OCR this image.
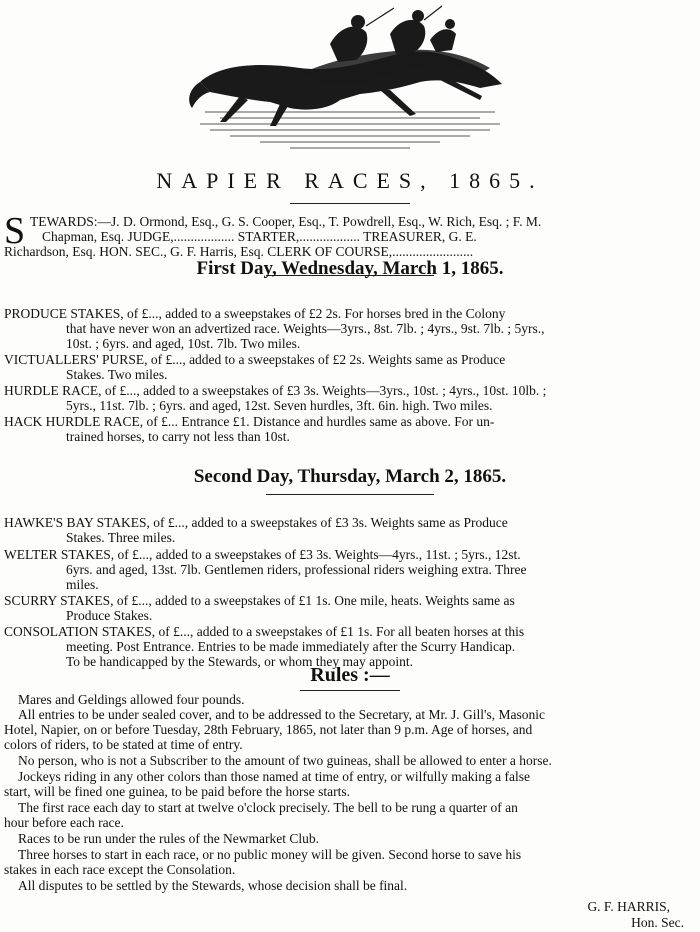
NAPIER RACES, 1865.
S TEWARDS:—J. D. Ormond, Esq., G. S. Cooper, Esq., T. Powdrell, Esq., W. Rich, Esq. ; F. M.
Chapman, Esq. JUDGE,.................. STARTER,.................. TREASURER, G. E.
Richardson, Esq. HON. SEC., G. F. Harris, Esq. CLERK OF COURSE,........................
First Day, Wednesday, March 1, 1865.
PRODUCE STAKES, of £..., added to a sweepstakes of £2 2s. For horses bred in the Colony
that have never won an advertized race. Weights—3yrs., 8st. 7lb. ; 4yrs., 9st. 7lb. ; 5yrs.,
10st. ; 6yrs. and aged, 10st. 7lb. Two miles.
VICTUALLERS' PURSE, of £..., added to a sweepstakes of £2 2s. Weights same as Produce
Stakes. Two miles.
HURDLE RACE, of £..., added to a sweepstakes of £3 3s. Weights—3yrs., 10st. ; 4yrs., 10st. 10lb. ;
5yrs., 11st. 7lb. ; 6yrs. and aged, 12st. Seven hurdles, 3ft. 6in. high. Two miles.
HACK HURDLE RACE, of £... Entrance £1. Distance and hurdles same as above. For un-
trained horses, to carry not less than 10st.
Second Day, Thursday, March 2, 1865.
HAWKE'S BAY STAKES, of £..., added to a sweepstakes of £3 3s. Weights same as Produce
Stakes. Three miles.
WELTER STAKES, of £..., added to a sweepstakes of £3 3s. Weights—4yrs., 11st. ; 5yrs., 12st.
6yrs. and aged, 13st. 7lb. Gentlemen riders, professional riders weighing extra. Three
miles.
SCURRY STAKES, of £..., added to a sweepstakes of £1 1s. One mile, heats. Weights same as
Produce Stakes.
CONSOLATION STAKES, of £..., added to a sweepstakes of £1 1s. For all beaten horses at this
meeting. Post Entrance. Entries to be made immediately after the Scurry Handicap.
To be handicapped by the Stewards, or whom they may appoint.
Rules :—
Mares and Geldings allowed four pounds.
All entries to be under sealed cover, and to be addressed to the Secretary, at Mr. J. Gill's, Masonic
Hotel, Napier, on or before Tuesday, 28th February, 1865, not later than 9 p.m. Age of horses, and
colors of riders, to be stated at time of entry.
No person, who is not a Subscriber to the amount of two guineas, shall be allowed to enter a horse.
Jockeys riding in any other colors than those named at time of entry, or wilfully making a false
start, will be fined one guinea, to be paid before the horse starts.
The first race each day to start at twelve o'clock precisely. The bell to be rung a quarter of an
hour before each race.
Races to be run under the rules of the Newmarket Club.
Three horses to start in each race, or no public money will be given. Second horse to save his
stakes in each race except the Consolation.
All disputes to be settled by the Stewards, whose decision shall be final.
G. F. HARRIS,
Hon. Sec.
